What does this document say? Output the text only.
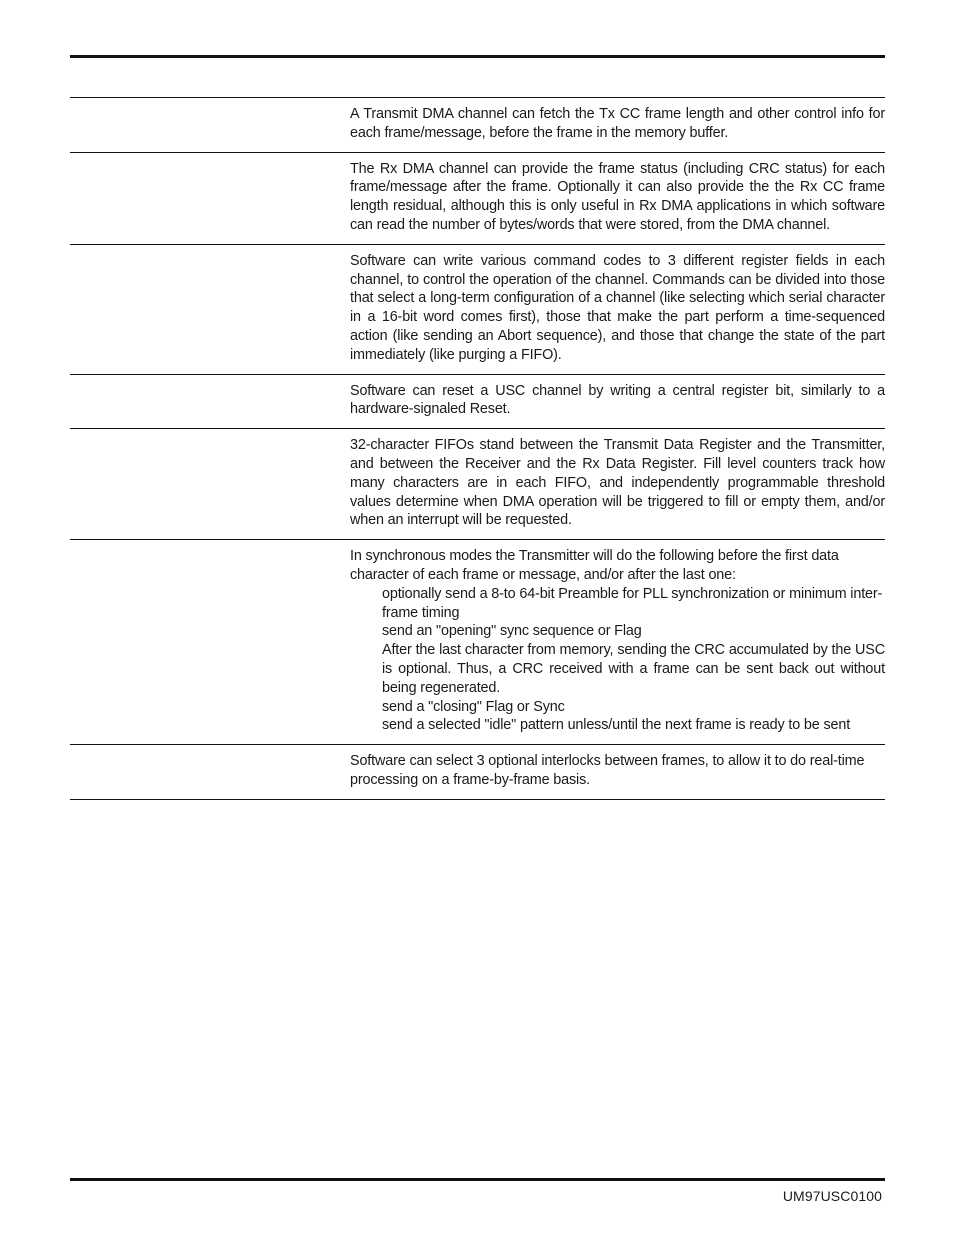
A Transmit DMA channel can fetch the Tx CC frame length and other control info for each frame/message, before the frame in the memory buffer.

The Rx DMA channel can provide the frame status (including CRC status) for each frame/message after the frame. Optionally it can also provide the the Rx CC frame length residual, although this is only useful in Rx DMA applications in which software can read the number of bytes/words that were stored, from the DMA channel.

Software can write various command codes to 3 different register fields in each channel, to control the operation of the channel. Commands can be divided into those that select a long-term configuration of a channel (like selecting which serial character in a 16-bit word comes first), those that make the part perform a time-sequenced action (like sending an Abort sequence), and those that change the state of the part immediately (like purging a FIFO).

Software can reset a USC channel by writing a central register bit, similarly to a hardware-signaled Reset.

32-character FIFOs stand between the Transmit Data Register and the Transmitter, and between the Receiver and the Rx Data Register. Fill level counters track how many characters are in each FIFO, and independently programmable threshold values determine when DMA operation will be triggered to fill or empty them, and/or when an interrupt will be requested.

In synchronous modes the Transmitter will do the following before the first data character of each frame or message, and/or after the last one:

optionally send a 8-to 64-bit Preamble for PLL synchronization or minimum inter-frame timing

send an "opening" sync sequence or Flag

After the last character from memory, sending the CRC accumulated by the USC is optional. Thus, a CRC received with a frame can be sent back out without being regenerated.

send a "closing" Flag or Sync

send a selected "idle" pattern unless/until the next frame is ready to be sent

Software can select 3 optional interlocks between frames, to allow it to do real-time processing on a frame-by-frame basis.

UM97USC0100
